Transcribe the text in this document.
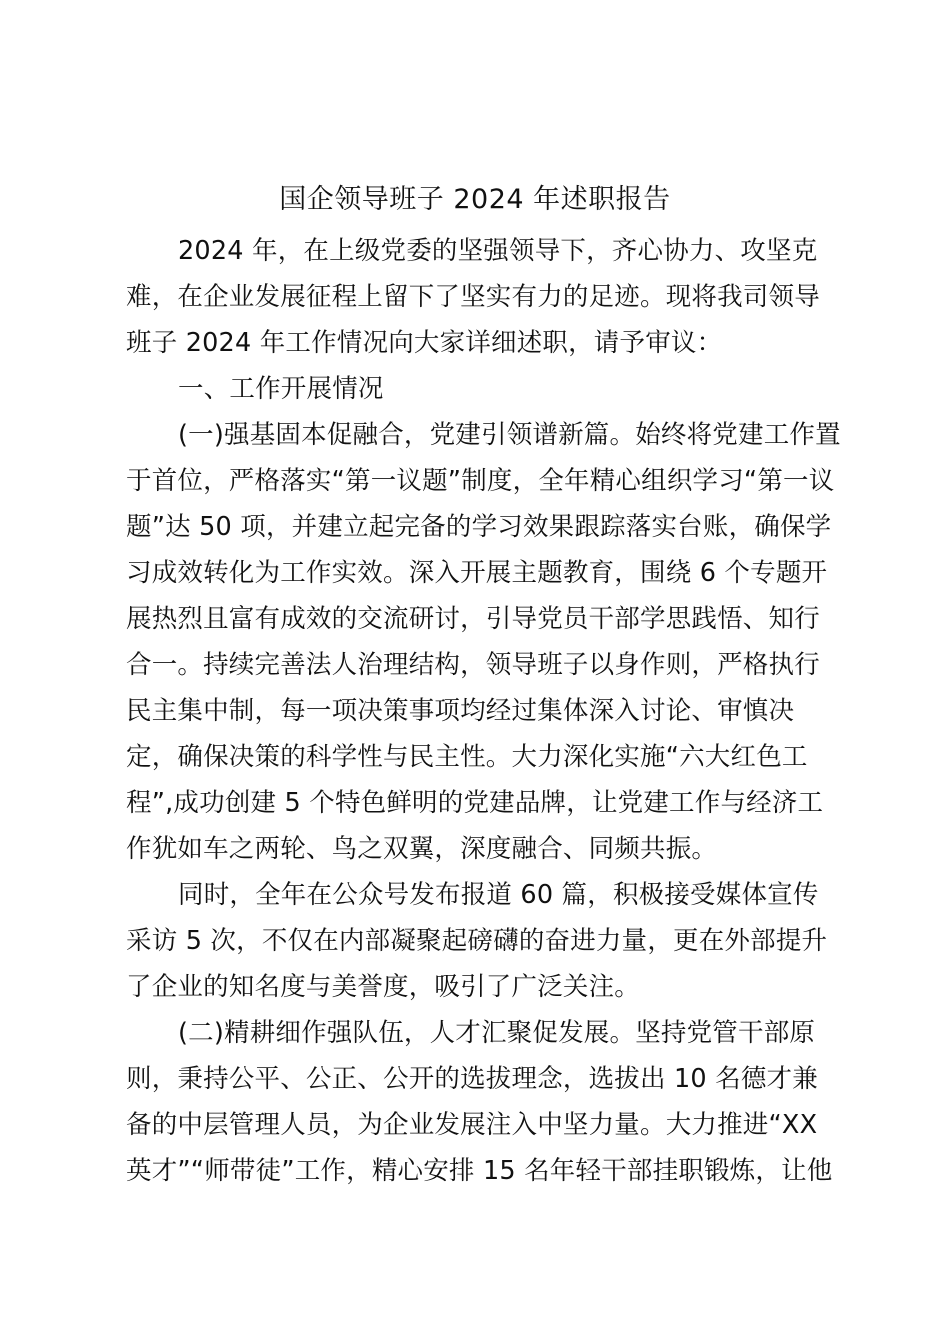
国企领导班子 2024 年述职报告
2024 年，在上级党委的坚强领导下，齐心协力、攻坚克
难，在企业发展征程上留下了坚实有力的足迹。现将我司领导
班子 2024 年工作情况向大家详细述职，请予审议：
一、工作开展情况
(一)强基固本促融合，党建引领谱新篇。始终将党建工作置
于首位，严格落实“第一议题”制度，全年精心组织学习“第一议
题”达 50 项，并建立起完备的学习效果跟踪落实台账，确保学
习成效转化为工作实效。深入开展主题教育，围绕 6 个专题开
展热烈且富有成效的交流研讨，引导党员干部学思践悟、知行
合一。持续完善法人治理结构，领导班子以身作则，严格执行
民主集中制，每一项决策事项均经过集体深入讨论、审慎决
定，确保决策的科学性与民主性。大力深化实施“六大红色工
程”,成功创建 5 个特色鲜明的党建品牌，让党建工作与经济工
作犹如车之两轮、鸟之双翼，深度融合、同频共振。
同时，全年在公众号发布报道 60 篇，积极接受媒体宣传
采访 5 次，不仅在内部凝聚起磅礴的奋进力量，更在外部提升
了企业的知名度与美誉度，吸引了广泛关注。
(二)精耕细作强队伍，人才汇聚促发展。坚持党管干部原
则，秉持公平、公正、公开的选拔理念，选拔出 10 名德才兼
备的中层管理人员，为企业发展注入中坚力量。大力推进“XX
英才”“师带徒”工作，精心安排 15 名年轻干部挂职锻炼，让他
